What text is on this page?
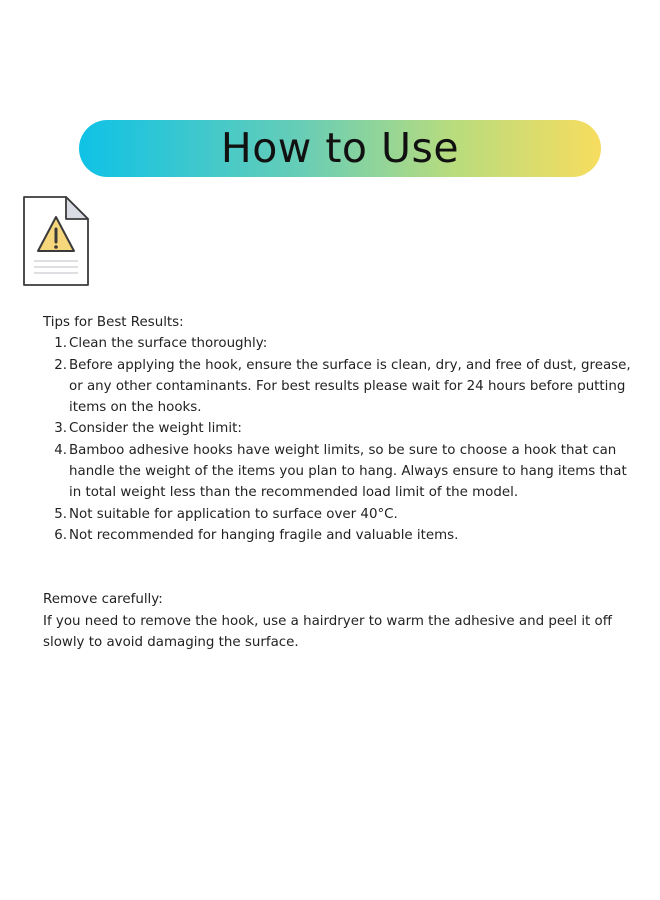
How to Use

Tips for Best Results:

1. Clean the surface thoroughly:
2. Before applying the hook, ensure the surface is clean, dry, and free of dust, grease, or any other contaminants. For best results please wait for 24 hours before putting items on the hooks.
3. Consider the weight limit:
4. Bamboo adhesive hooks have weight limits, so be sure to choose a hook that can handle the weight of the items you plan to hang. Always ensure to hang items that in total weight less than the recommended load limit of the model.
5. Not suitable for application to surface over 40°C.
6. Not recommended for hanging fragile and valuable items.

Remove carefully:

If you need to remove the hook, use a hairdryer to warm the adhesive and peel it off slowly to avoid damaging the surface.
